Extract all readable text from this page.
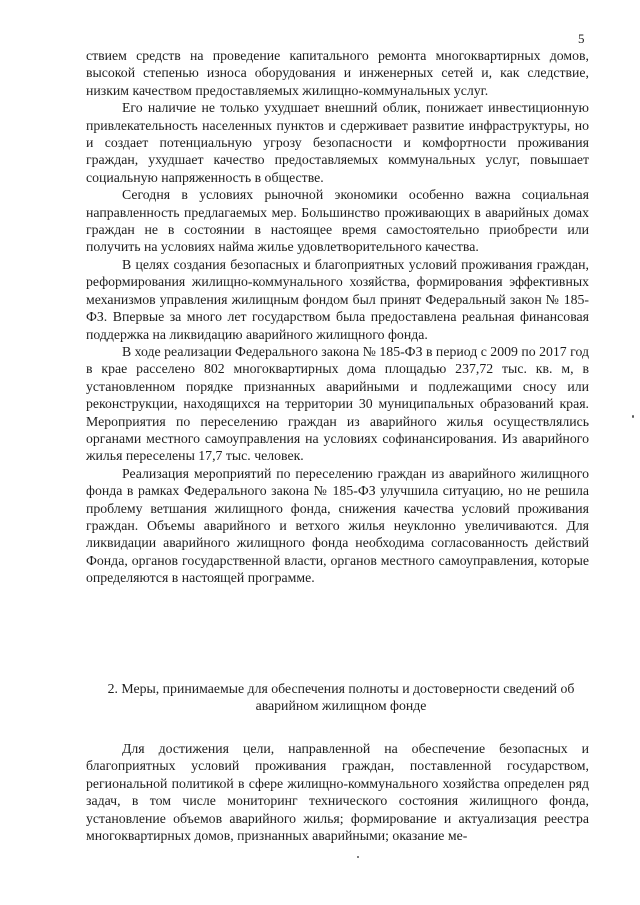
5

ствием средств на проведение капитального ремонта многоквартирных домов, высокой степенью износа оборудования и инженерных сетей и, как следствие, низким качеством предоставляемых жилищно-коммунальных услуг.

Его наличие не только ухудшает внешний облик, понижает инвестиционную привлекательность населенных пунктов и сдерживает развитие инфраструктуры, но и создает потенциальную угрозу безопасности и комфортности проживания граждан, ухудшает качество предоставляемых коммунальных услуг, повышает социальную напряженность в обществе.

Сегодня в условиях рыночной экономики особенно важна социальная направленность предлагаемых мер. Большинство проживающих в аварийных домах граждан не в состоянии в настоящее время самостоятельно приобрести или получить на условиях найма жилье удовлетворительного качества.

В целях создания безопасных и благоприятных условий проживания граждан, реформирования жилищно-коммунального хозяйства, формирования эффективных механизмов управления жилищным фондом был принят Федеральный закон № 185-ФЗ. Впервые за много лет государством была предоставлена реальная финансовая поддержка на ликвидацию аварийного жилищного фонда.

В ходе реализации Федерального закона № 185-ФЗ в период с 2009 по 2017 год в крае расселено 802 многоквартирных дома площадью 237,72 тыс. кв. м, в установленном порядке признанных аварийными и подлежащими сносу или реконструкции, находящихся на территории 30 муниципальных образований края. Мероприятия по переселению граждан из аварийного жилья осуществлялись органами местного самоуправления на условиях софинансирования. Из аварийного жилья переселены 17,7 тыс. человек.

Реализация мероприятий по переселению граждан из аварийного жилищного фонда в рамках Федерального закона № 185-ФЗ улучшила ситуацию, но не решила проблему ветшания жилищного фонда, снижения качества условий проживания граждан. Объемы аварийного и ветхого жилья неуклонно увеличиваются. Для ликвидации аварийного жилищного фонда необходима согласованность действий Фонда, органов государственной власти, органов местного самоуправления, которые определяются в настоящей программе.

2. Меры, принимаемые для обеспечения полноты и достоверности сведений об аварийном жилищном фонде

Для достижения цели, направленной на обеспечение безопасных и благоприятных условий проживания граждан, поставленной государством, региональной политикой в сфере жилищно-коммунального хозяйства определен ряд задач, в том числе мониторинг технического состояния жилищного фонда, установление объемов аварийного жилья; формирование и актуализация реестра многоквартирных домов, признанных аварийными; оказание ме-
